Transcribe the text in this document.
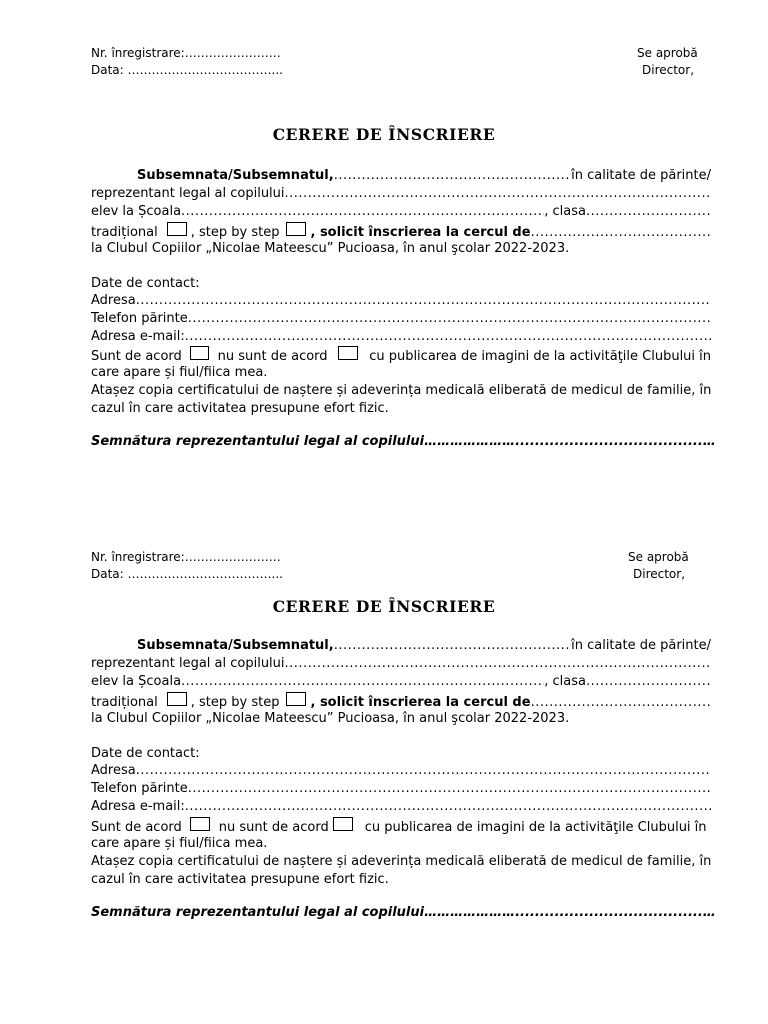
Nr. înregistrare:……………………
Data: ………………………………...
Se aprobă
Director,
CERERE DE ÎNSCRIERE
Subsemnata/Subsemnatul, .....	în calitate de părinte/
reprezentant legal al copilului
.....
elev la Școala .....	, clasa
.....
tradițional	, step by step , solicit înscrierea la cercul de
.....
la Clubul Copiilor „Nicolae Mateescu” Pucioasa, în anul şcolar 2022-2023.
Date de contact:
Adresa
.....
Telefon părinte
.....
Adresa e-mail:
.....
Sunt de acord	nu sunt de acord	cu publicarea de imagini de la activităţile Clubului în
care apare și fiul/fiica mea.
Atașez copia certificatului de naștere și adeverința medicală eliberată de medicul de familie, în
cazul în care activitatea presupune efort fizic.
Semnătura reprezentantului legal al copilului…………………......................................…
Nr. înregistrare:……………………
Data: ………………………………...
Se aprobă
Director,
CERERE DE ÎNSCRIERE
Subsemnata/Subsemnatul, .....	în calitate de părinte/
reprezentant legal al copilului
.....
elev la Școala .....	, clasa
.....
tradițional	, step by step , solicit înscrierea la cercul de
.....
la Clubul Copiilor „Nicolae Mateescu” Pucioasa, în anul şcolar 2022-2023.
Date de contact:
Adresa
.....
Telefon părinte
.....
Adresa e-mail:
.....
Sunt de acord	nu sunt de acord	cu publicarea de imagini de la activităţile Clubului în
care apare și fiul/fiica mea.
Atașez copia certificatului de naștere și adeverința medicală eliberată de medicul de familie, în
cazul în care activitatea presupune efort fizic.
Semnătura reprezentantului legal al copilului…………………......................................…
